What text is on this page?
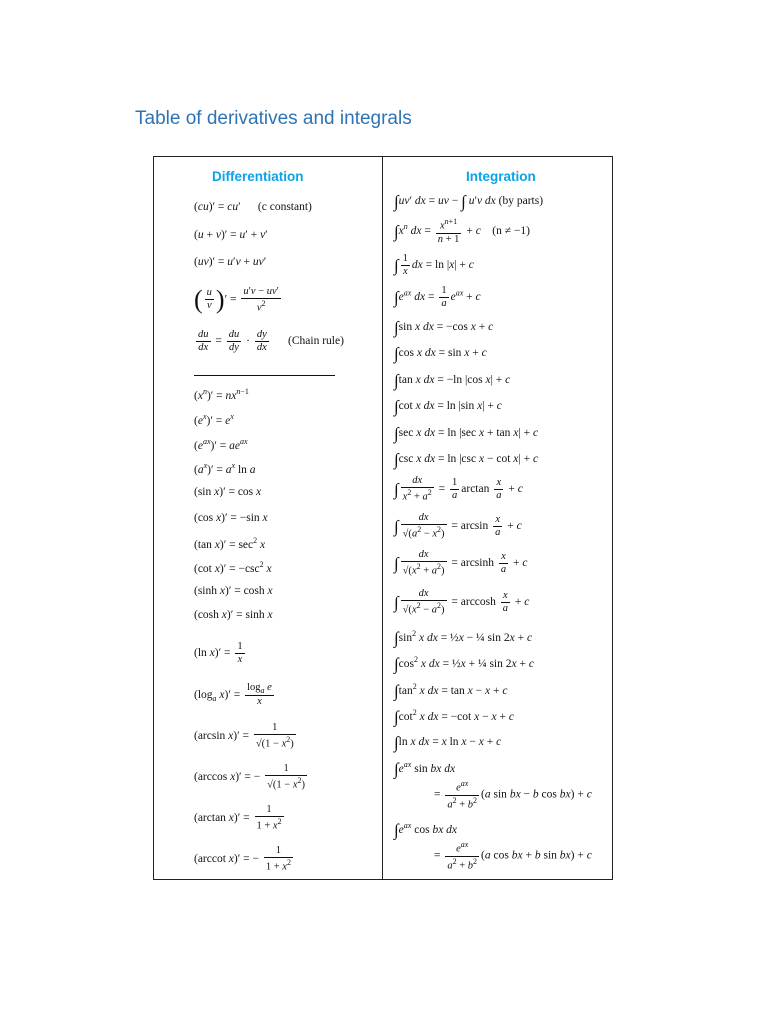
Table of derivatives and integrals
Differentiation	Integration
(cu)′ = cu′      (c constant)
(u + v)′ = u′ + v′
(uv)′ = u′v + uv′
( $\frac{u}{v}$ )′ = $\frac{u'v - uv'}{v^2}$
$\frac{du}{dx} = \frac{du}{dy} \cdot \frac{dy}{dx}$ (Chain rule)
$(x^n)' = nx^{n-1}$
$(e^x)' = e^x$
$(e^{ax})' = ae^{ax}$
$(a^x)' = a^x$ ln a
(sin x)′ = cos x
(cos x)′ = −sin x
(tan $x)' = \sec^2 x$
(cot $x)' = -\csc^2$ x
(sinh x)′ = cosh x
(cosh x)′ = sinh x
(ln $x)' = \frac{1}{x}$
($\log_a$ $x)' = \frac{\log_a e}{x}$
(arcsin $x)' = \frac{1}{√(1 - x^2)}$
(arccos x)′ = − $\frac{1}{√(1 - x^2)}$
(arctan $x)' = \frac{1}{1 + x^2}$
(arccot x)′ = − $\frac{1}{1 + x^2}$
∫uv′ dx = uv − ∫ u′v dx (by parts)
$\int x^n$ dx = $\frac{x^{n+1}}{n + 1} + c$ (n ≠ −1)
∫ $\frac{1}{x}$ dx = ln |x| + c
$\int e^{ax}$ dx = $\frac{1}{a} e^{ax} + c$
∫sin x dx = −cos x + c
∫cos x dx = sin x + c
∫tan x dx = −ln |cos x| + c
∫cot x dx = ln |sin x| + c
∫sec x dx = ln |sec x + tan x| + c
∫csc x dx = ln |csc x − cot x| + c
∫ $\frac{dx}{x^2 + a^2} = \frac{1}{a}$ $\arctan \frac{x}{a} + c$
∫ $\frac{dx}{√(a^2 - x^2)} = \arcsin \frac{x}{a} + c$
∫ $\frac{dx}{√(x^2 + a^2)} = \arcsin h \frac{x}{a} + c$
∫ $\frac{dx}{√(x^2 - a^2)} = \arccos h \frac{x}{a} + c$
$\int\sin^2$ x dx = ½x − ¼ sin 2x + c
$\int\cos^2$ x dx = ½x + ¼ sin 2x + c
$\int\tan^2$ x dx = tan x − x + c
$\int\cot^2$ x dx = −cot x − x + c
∫ln x dx = x ln x − x + c
$\int e^{ax}$ sin bx dx
= $\frac{e^{ax}}{a^2 + b^2} (a$ sin bx − b cos bx) + c
$\int e^{ax}$ cos bx dx
= $\frac{e^{ax}}{a^2 + b^2} (a$ cos bx + b sin bx) + c
